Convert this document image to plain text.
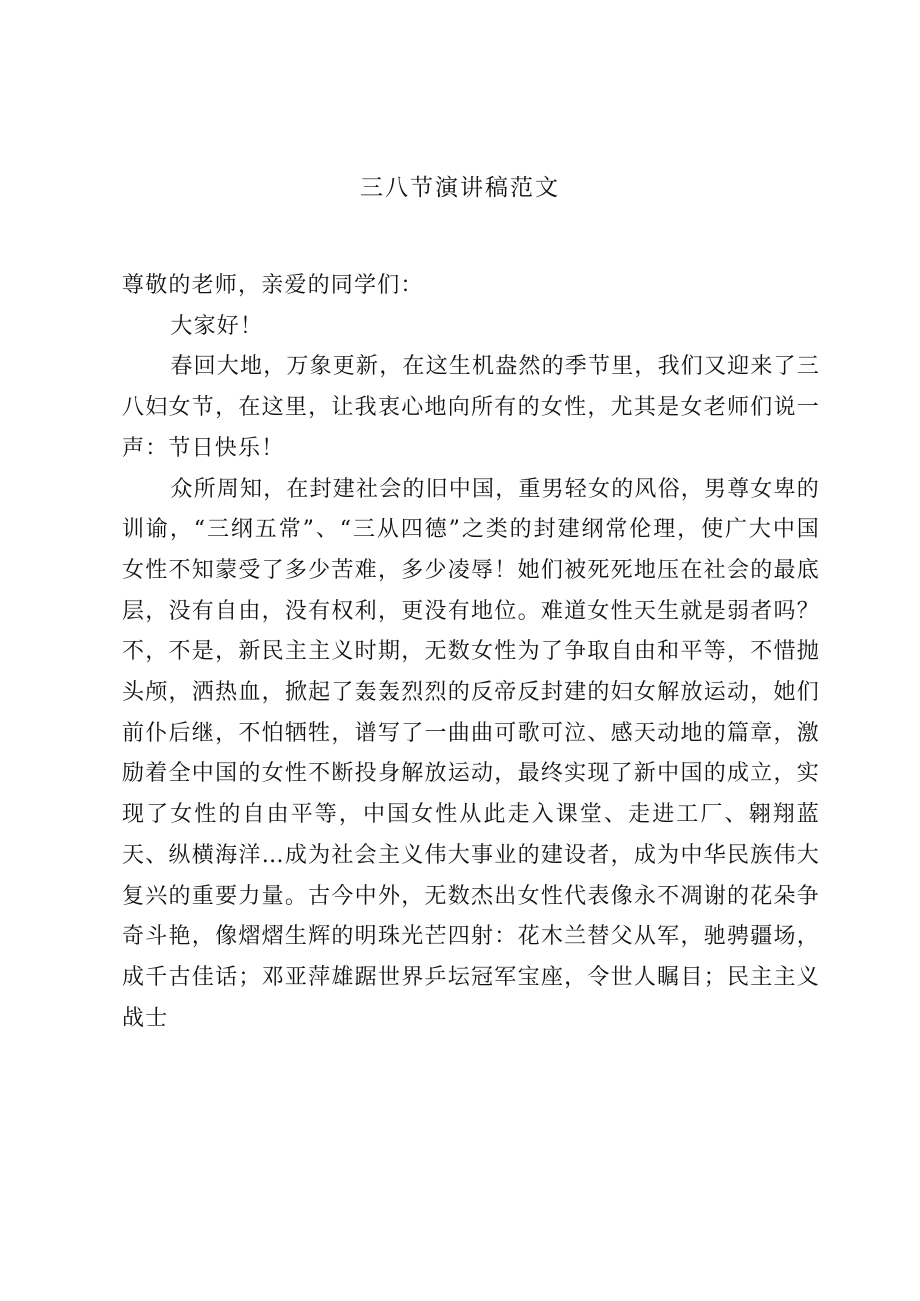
三八节演讲稿范文

尊敬的老师，亲爱的同学们：

大家好！

春回大地，万象更新，在这生机盎然的季节里，我们又迎来了三八妇女节，在这里，让我衷心地向所有的女性，尤其是女老师们说一声：节日快乐！

众所周知，在封建社会的旧中国，重男轻女的风俗，男尊女卑的训谕，“三纲五常”、“三从四德”之类的封建纲常伦理，使广大中国女性不知蒙受了多少苦难，多少凌辱！她们被死死地压在社会的最底层，没有自由，没有权利，更没有地位。难道女性天生就是弱者吗？不，不是，新民主主义时期，无数女性为了争取自由和平等，不惜抛头颅，洒热血，掀起了轰轰烈烈的反帝反封建的妇女解放运动，她们前仆后继，不怕牺牲，谱写了一曲曲可歌可泣、感天动地的篇章，激励着全中国的女性不断投身解放运动，最终实现了新中国的成立，实现了女性的自由平等，中国女性从此走入课堂、走进工厂、翱翔蓝天、纵横海洋…成为社会主义伟大事业的建设者，成为中华民族伟大复兴的重要力量。古今中外，无数杰出女性代表像永不凋谢的花朵争奇斗艳，像熠熠生辉的明珠光芒四射：花木兰替父从军，驰骋疆场，成千古佳话；邓亚萍雄踞世界乒坛冠军宝座，令世人瞩目；民主主义战士
